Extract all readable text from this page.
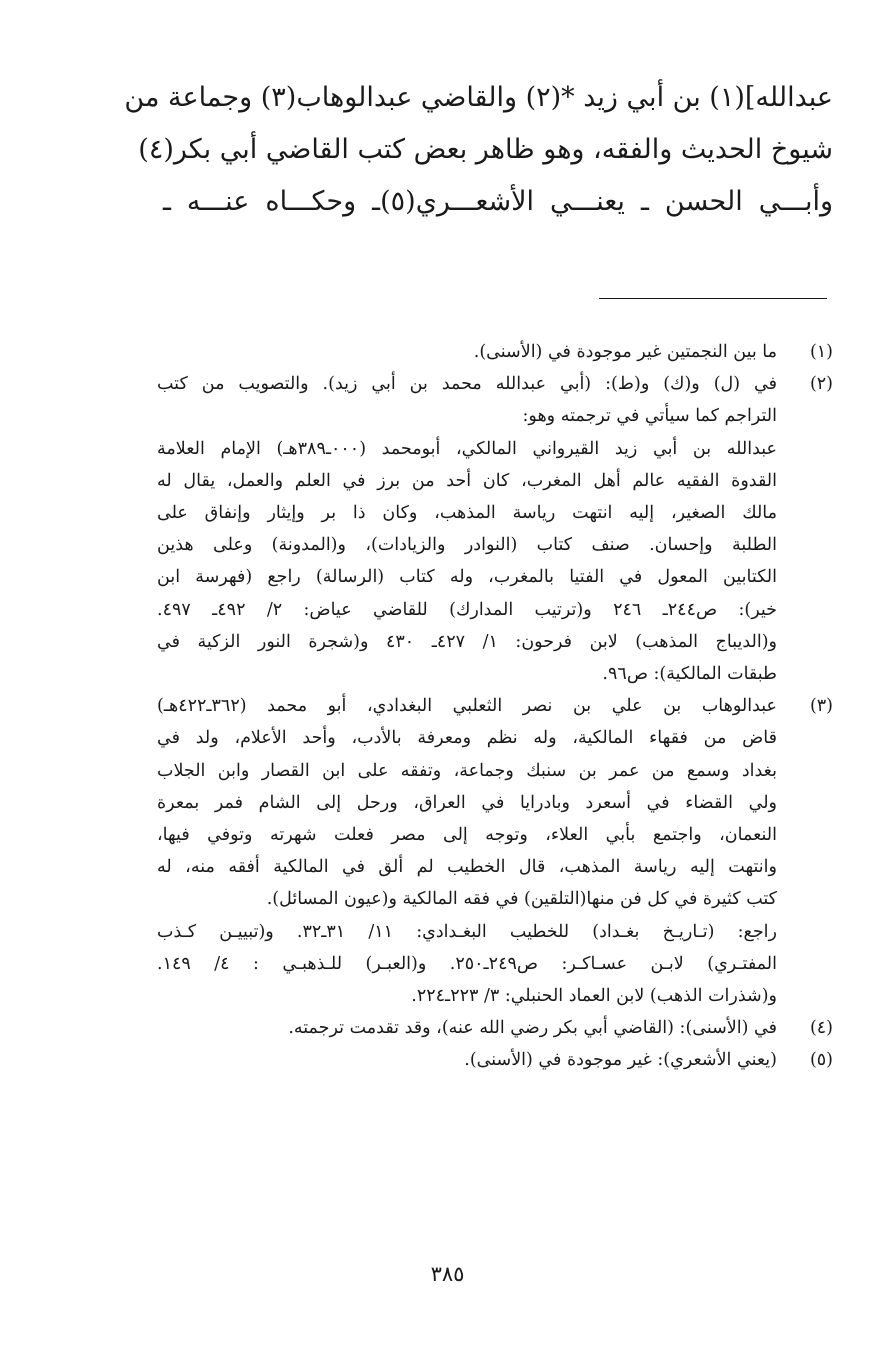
عبدالله](١) بن أبي زيد *(٢) والقاضي عبدالوهاب(٣) وجماعة من
شيوخ الحديث والفقه، وهو ظاهر بعض كتب القاضي أبي بكر(٤)
وأبـــي الحسن ـ يعنـــي الأشعـــري(٥)ـ وحكـــاه عنـــه ـ
(١)
ما بين النجمتين غير موجودة في (الأسنى).
(٢)
في (ل) و(ك) و(ط): (أبي عبدالله محمد بن أبي زيد). والتصويب من كتب
التراجم كما سيأتي في ترجمته وهو:
عبدالله بن أبي زيد القيرواني المالكي، أبومحمد (٠٠٠ـ٣٨٩هـ) الإمام العلامة
القدوة الفقيه عالم أهل المغرب، كان أحد من برز في العلم والعمل، يقال له
مالك الصغير، إليه انتهت رياسة المذهب، وكان ذا بر وإيثار وإنفاق على
الطلبة وإحسان. صنف كتاب (النوادر والزيادات)، و(المدونة) وعلى هذين
الكتابين المعول في الفتيا بالمغرب، وله كتاب (الرسالة) راجع (فهرسة ابن
خير): ص٢٤٤ـ ٢٤٦ و(ترتيب المدارك) للقاضي عياض: ٢/ ٤٩٢ـ ٤٩٧.
و(الديباج المذهب) لابن فرحون: ١/ ٤٢٧ـ ٤٣٠ و(شجرة النور الزكية في
طبقات المالكية): ص٩٦.
(٣)
عبدالوهاب بن علي بن نصر الثعلبي البغدادي، أبو محمد (٣٦٢ـ٤٢٢هـ)
قاض من فقهاء المالكية، وله نظم ومعرفة بالأدب، وأحد الأعلام، ولد في
بغداد وسمع من عمر بن سنبك وجماعة، وتفقه على ابن القصار وابن الجلاب
ولي القضاء في أسعرد وبادرايا في العراق، ورحل إلى الشام فمر بمعرة
النعمان، واجتمع بأبي العلاء، وتوجه إلى مصر فعلت شهرته وتوفي فيها،
وانتهت إليه رياسة المذهب، قال الخطيب لم ألق في المالكية أفقه منه، له
كتب كثيرة في كل فن منها(التلقين) في فقه المالكية و(عيون المسائل).
راجع: (تـاريـخ بغـداد) للخطيب البغـدادي: ١١/ ٣١ـ٣٢. و(تبييـن كـذب
المفتـري) لابـن عسـاكـر: ص٢٤٩ـ٢٥٠. و(العبـر) للـذهبـي : ٤/ ١٤٩.
و(شذرات الذهب) لابن العماد الحنبلي: ٣/ ٢٢٣ـ٢٢٤.
(٤)
في (الأسنى): (القاضي أبي بكر رضي الله عنه)، وقد تقدمت ترجمته.
(٥)
(يعني الأشعري): غير موجودة في (الأسنى).
٣٨٥
